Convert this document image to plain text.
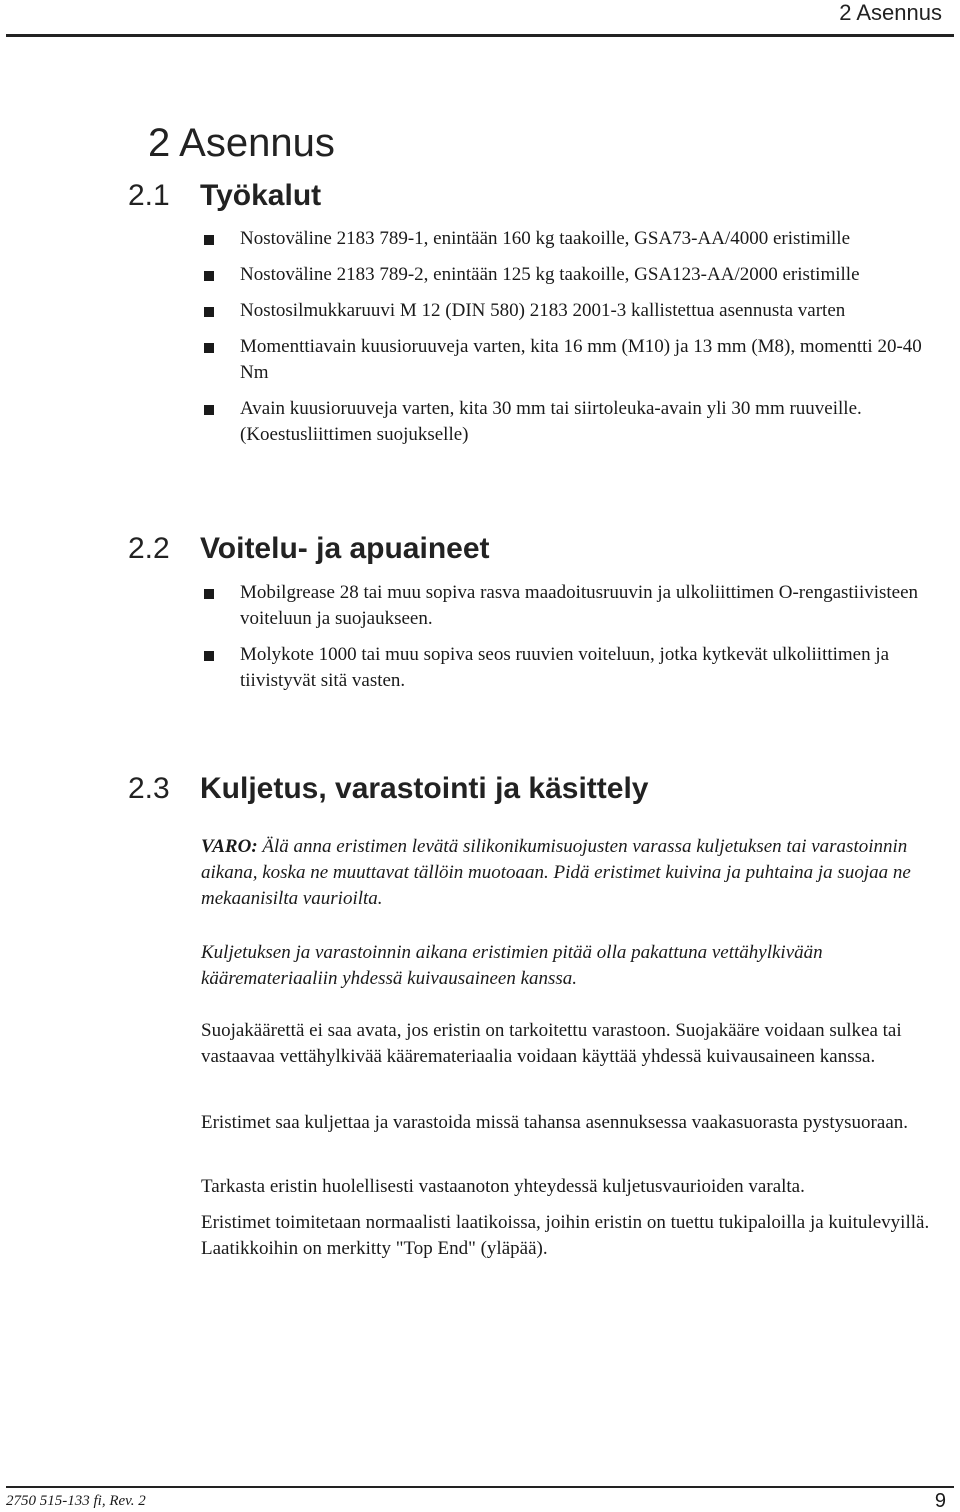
2 Asennus
2 Asennus
2.1 Työkalut
Nostoväline 2183 789-1, enintään 160 kg taakoille, GSA73-AA/4000 eristimille
Nostoväline 2183 789-2, enintään 125 kg taakoille, GSA123-AA/2000 eristimille
Nostosilmukkaruuvi M 12 (DIN 580) 2183 2001-3 kallistettua asennusta varten
Momenttiavain kuusioruuveja varten, kita 16 mm (M10) ja 13 mm (M8), momentti 20-40 Nm
Avain kuusioruuveja varten, kita 30 mm tai siirtoleuka-avain yli 30 mm ruuveille. (Koestusliittimen suojukselle)
2.2 Voitelu- ja apuaineet
Mobilgrease 28 tai muu sopiva rasva maadoitusruuvin ja ulkoliittimen O-rengastiivisteen voiteluun ja suojaukseen.
Molykote 1000 tai muu sopiva seos ruuvien voiteluun, jotka kytkevät ulkoliittimen ja tiivistyvät sitä vasten.
2.3 Kuljetus, varastointi ja käsittely

VARO: Älä anna eristimen levätä silikonikumisuojusten varassa kuljetuksen tai varastoinnin aikana, koska ne muuttavat tällöin muotoaan. Pidä eristimet kuivina ja puhtaina ja suojaa ne mekaanisilta vaurioilta.

Kuljetuksen ja varastoinnin aikana eristimien pitää olla pakattuna vettähylkivään kääremateriaaliin yhdessä kuivausaineen kanssa.

Suojakäärettä ei saa avata, jos eristin on tarkoitettu varastoon. Suojakääre voidaan sulkea tai vastaavaa vettähylkivää kääremateriaalia voidaan käyttää yhdessä kuivausaineen kanssa.

Eristimet saa kuljettaa ja varastoida missä tahansa asennuksessa vaakasuorasta pystysuoraan.

Tarkasta eristin huolellisesti vastaanoton yhteydessä kuljetusvaurioiden varalta.

Eristimet toimitetaan normaalisti laatikoissa, joihin eristin on tuettu tukipaloilla ja kuitulevyillä. Laatikkoihin on merkitty "Top End" (yläpää).

2750 515-133 fi, Rev. 2	9
